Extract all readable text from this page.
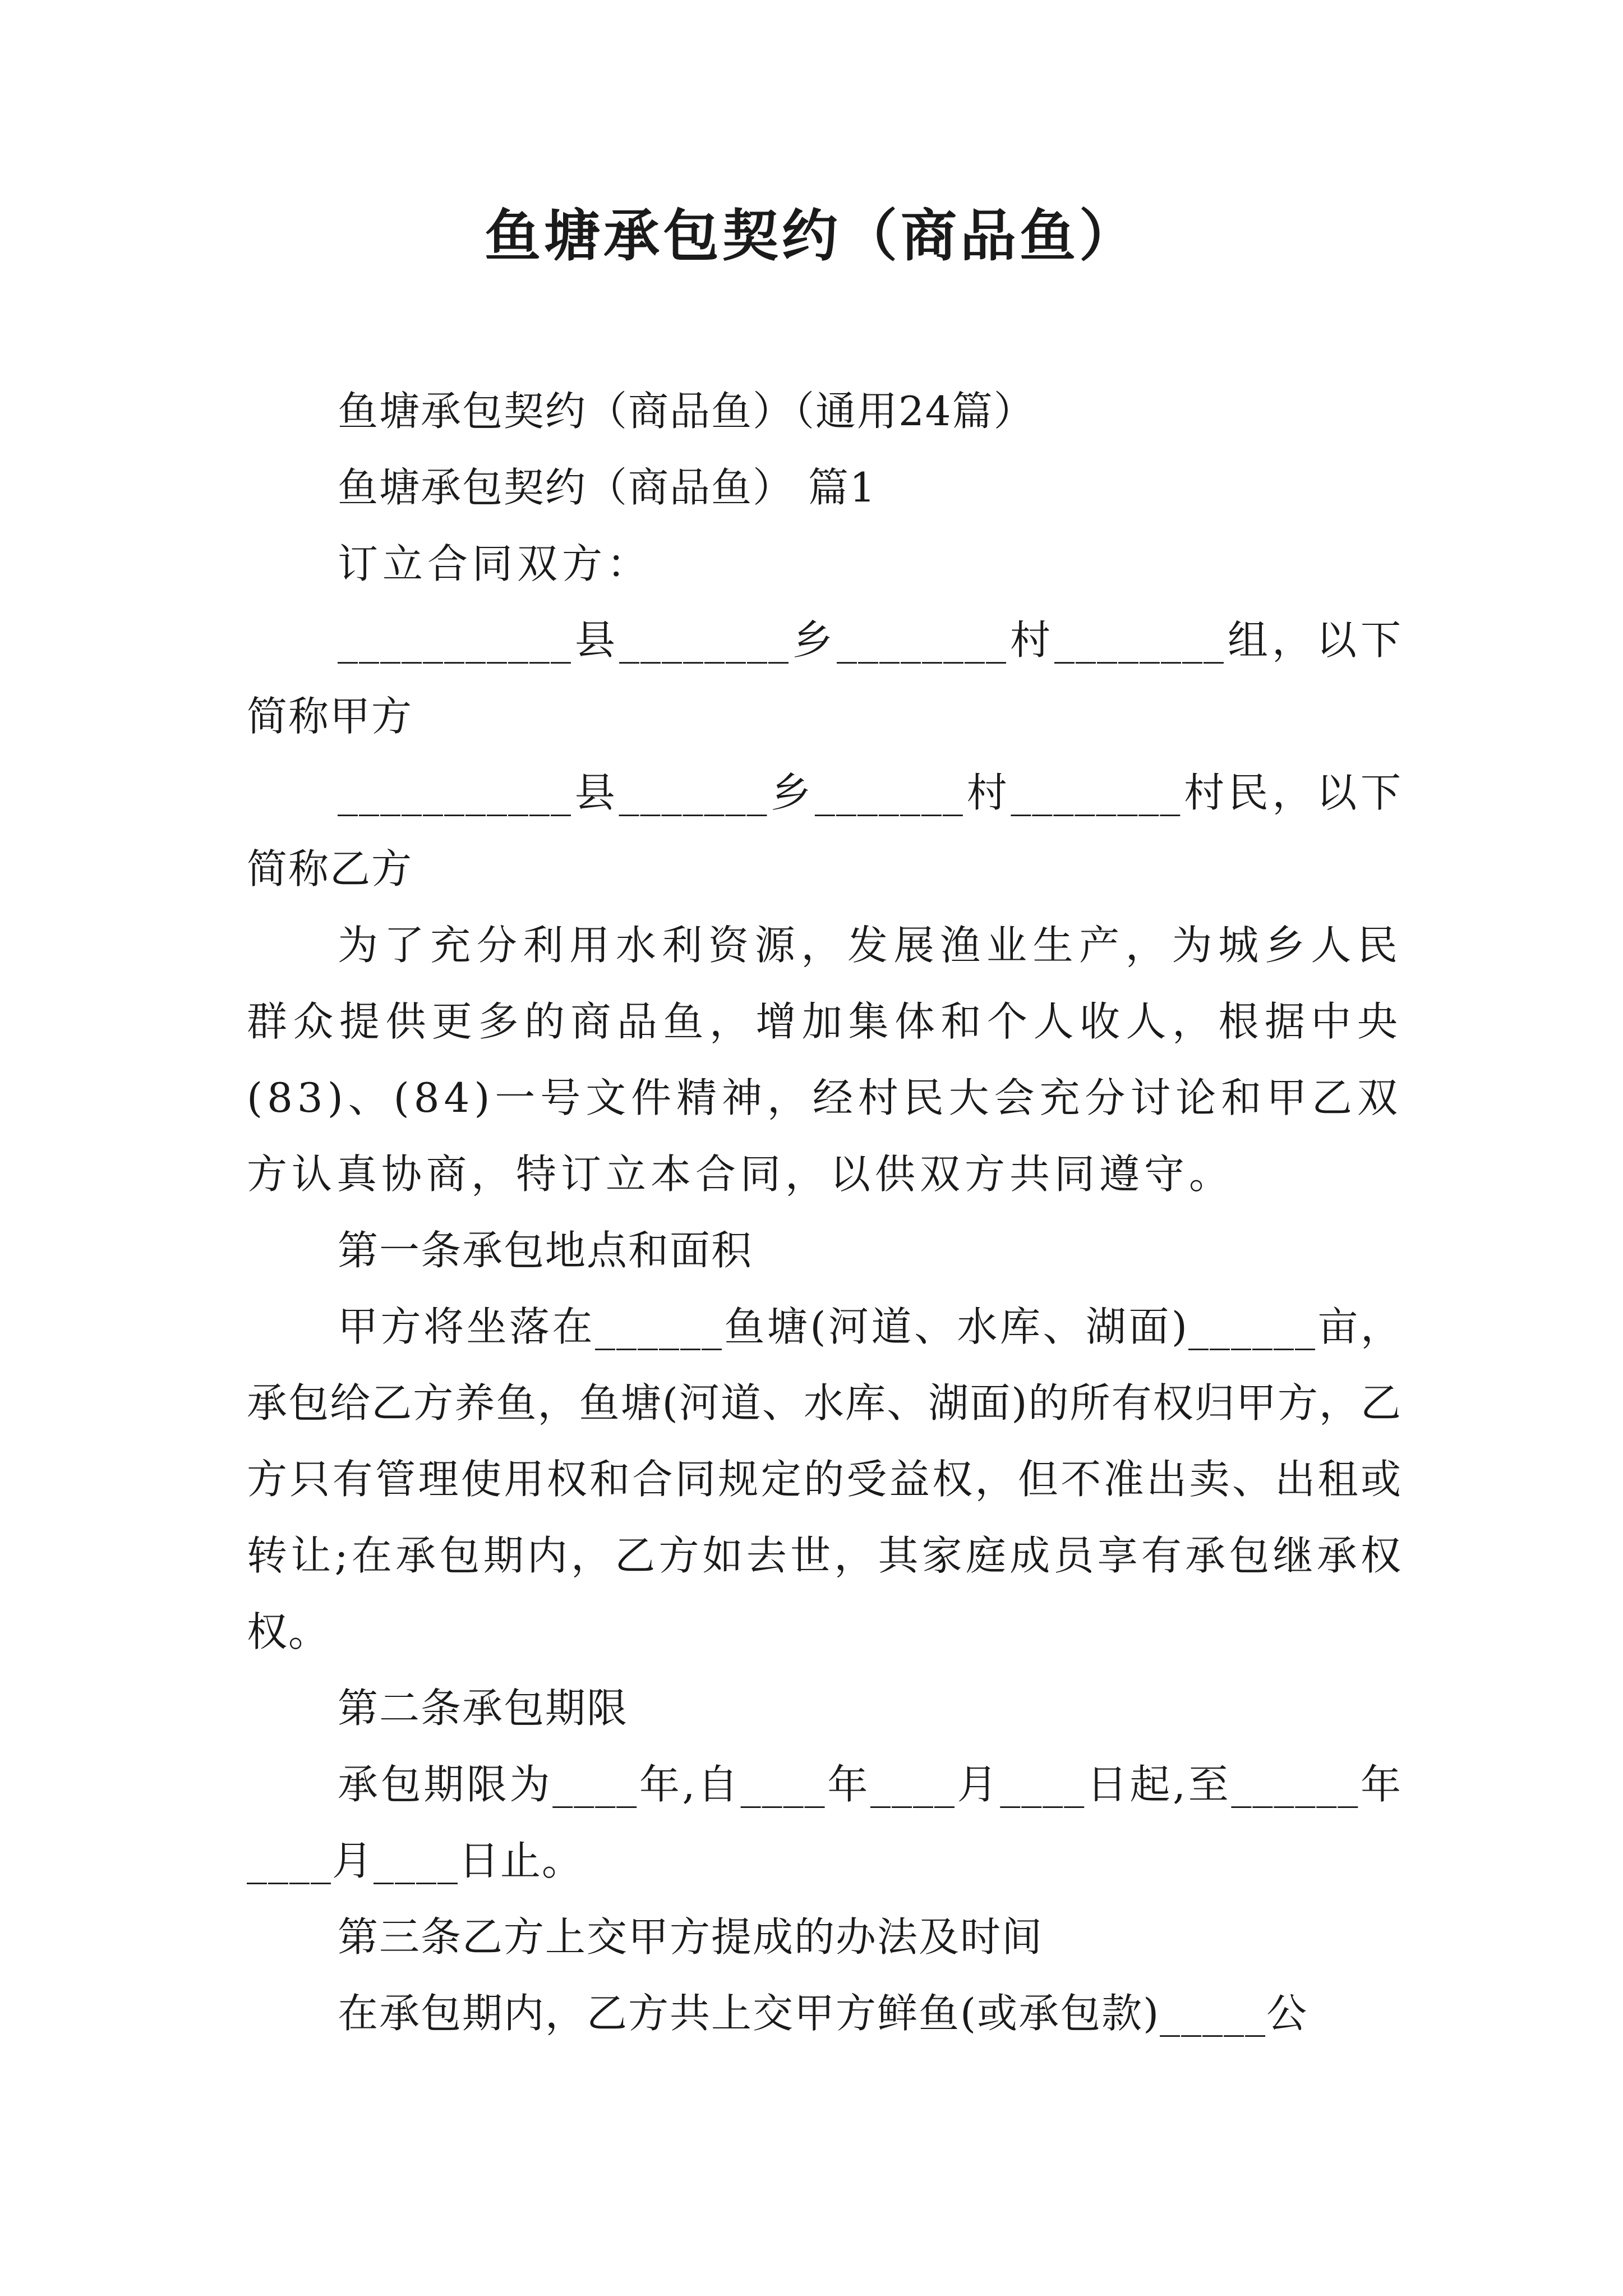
鱼塘承包契约（商品鱼）

鱼塘承包契约（商品鱼）（通用24篇）

鱼塘承包契约（商品鱼） 篇1

订立合同双方：

___________县________乡________村________组，以下简称甲方

___________县_______乡_______村________村民，以下简称乙方

为了充分利用水利资源，发展渔业生产，为城乡人民群众提供更多的商品鱼，增加集体和个人收人，根据中央(83)、(84)一号文件精神，经村民大会充分讨论和甲乙双方认真协商，特订立本合同，以供双方共同遵守。

第一条承包地点和面积

甲方将坐落在______鱼塘(河道、水库、湖面)______亩，承包给乙方养鱼，鱼塘(河道、水库、湖面)的所有权归甲方，乙方只有管理使用权和合同规定的受益权，但不准出卖、出租或转让;在承包期内，乙方如去世，其家庭成员享有承包继承权权。

第二条承包期限

承包期限为____年,自____年____月____日起,至______年____月____日止。

第三条乙方上交甲方提成的办法及时间

在承包期内，乙方共上交甲方鲜鱼(或承包款)_____公
